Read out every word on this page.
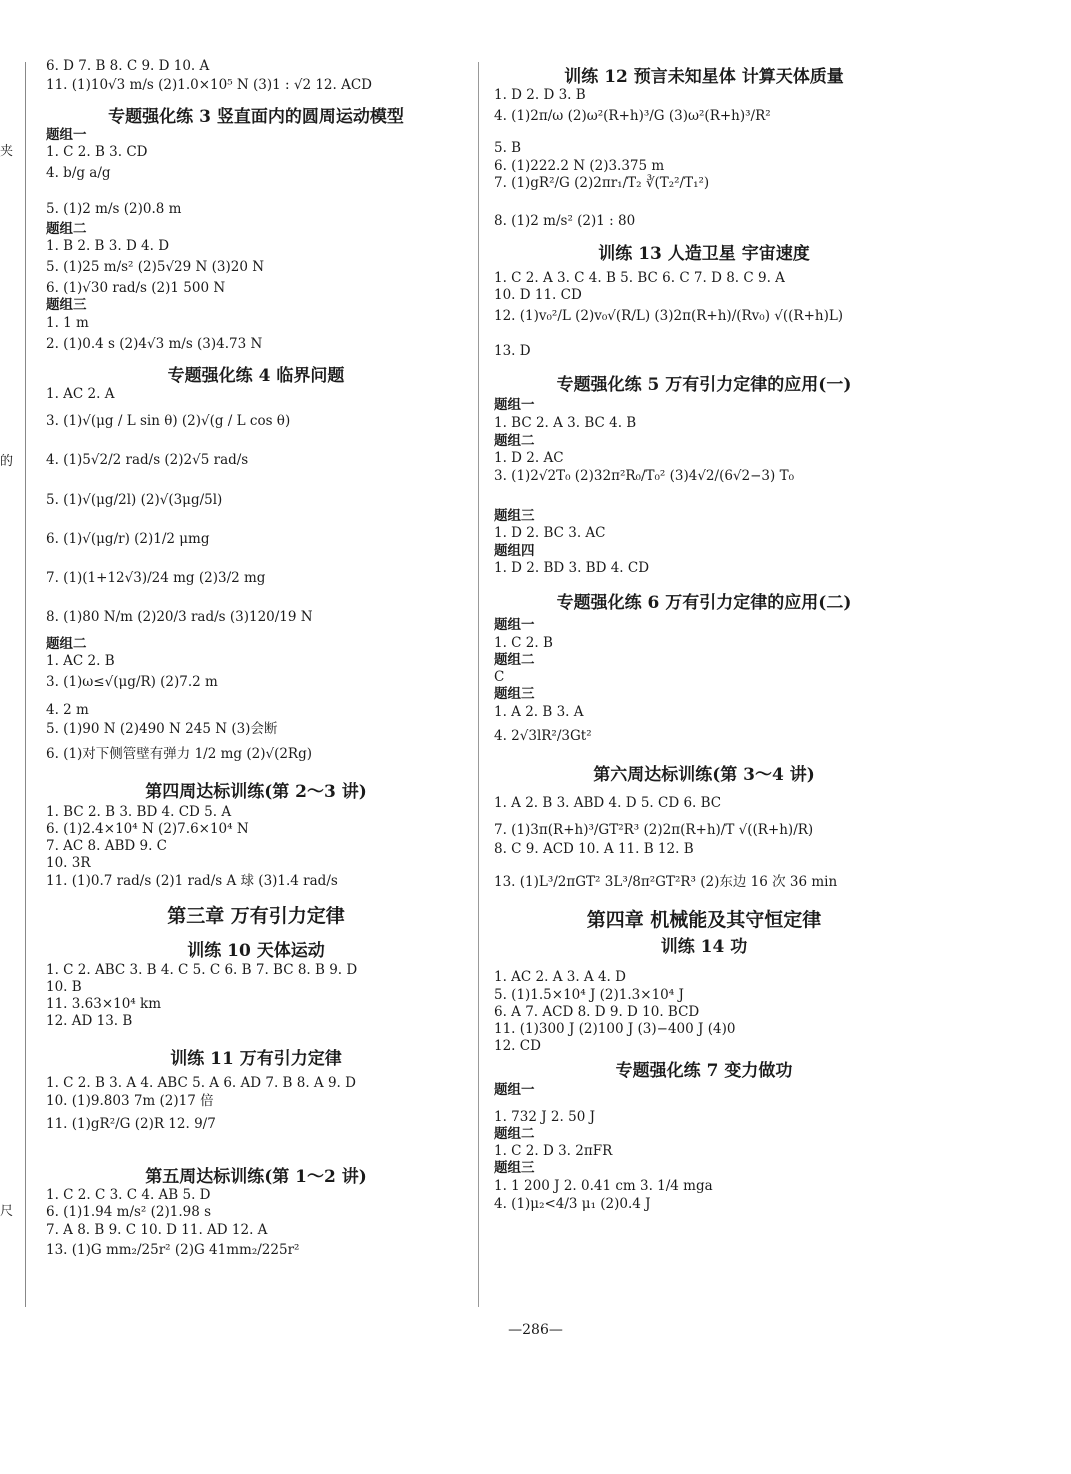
夹
的
尺
6. D 7. B 8. C 9. D 10. A
11. (1)10√3 m/s (2)1.0×10⁵ N (3)1 : √2 12. ACD
专题强化练 3 竖直面内的圆周运动模型
题组一
1. C 2. B 3. CD
4. b/g a/g
5. (1)2 m/s (2)0.8 m
题组二
1. B 2. B 3. D 4. D
5. (1)25 m/s² (2)5√29 N (3)20 N
6. (1)√30 rad/s (2)1 500 N
题组三
1. 1 m
2. (1)0.4 s (2)4√3 m/s (3)4.73 N
专题强化练 4 临界问题
1. AC 2. A
3. (1)√(μg / L sin θ) (2)√(g / L cos θ)
4. (1)5√2/2 rad/s (2)2√5 rad/s
5. (1)√(μg/2l) (2)√(3μg/5l)
6. (1)√(μg/r) (2)1/2 μmg
7. (1)(1+12√3)/24 mg (2)3/2 mg
8. (1)80 N/m (2)20/3 rad/s (3)120/19 N
题组二
1. AC 2. B
3. (1)ω≤√(μg/R) (2)7.2 m
4. 2 m
5. (1)90 N (2)490 N 245 N (3)会断
6. (1)对下侧管壁有弹力 1/2 mg (2)√(2Rg)
第四周达标训练(第 2～3 讲)
1. BC 2. B 3. BD 4. CD 5. A
6. (1)2.4×10⁴ N (2)7.6×10⁴ N
7. AC 8. ABD 9. C
10. 3R
11. (1)0.7 rad/s (2)1 rad/s A 球 (3)1.4 rad/s
第三章 万有引力定律
训练 10 天体运动
1. C 2. ABC 3. B 4. C 5. C 6. B 7. BC 8. B 9. D
10. B
11. 3.63×10⁴ km
12. AD 13. B
训练 11 万有引力定律
1. C 2. B 3. A 4. ABC 5. A 6. AD 7. B 8. A 9. D
10. (1)9.803 7m (2)17 倍
11. (1)gR²/G (2)R 12. 9/7
第五周达标训练(第 1～2 讲)
1. C 2. C 3. C 4. AB 5. D
6. (1)1.94 m/s² (2)1.98 s
7. A 8. B 9. C 10. D 11. AD 12. A
13. (1)G mm₂/25r² (2)G 41mm₂/225r²
训练 12 预言未知星体 计算天体质量
1. D 2. D 3. B
4. (1)2π/ω (2)ω²(R+h)³/G (3)ω²(R+h)³/R²
5. B
6. (1)222.2 N (2)3.375 m
7. (1)gR²/G (2)2πr₁/T₂ ∛(T₂²/T₁²)
8. (1)2 m/s² (2)1 : 80
训练 13 人造卫星 宇宙速度
1. C 2. A 3. C 4. B 5. BC 6. C 7. D 8. C 9. A
10. D 11. CD
12. (1)v₀²/L (2)v₀√(R/L) (3)2π(R+h)/(Rv₀) √((R+h)L)
13. D
专题强化练 5 万有引力定律的应用(一)
题组一
1. BC 2. A 3. BC 4. B
题组二
1. D 2. AC
3. (1)2√2T₀ (2)32π²R₀/T₀² (3)4√2/(6√2−3) T₀
题组三
1. D 2. BC 3. AC
题组四
1. D 2. BD 3. BD 4. CD
专题强化练 6 万有引力定律的应用(二)
题组一
1. C 2. B
题组二
C
题组三
1. A 2. B 3. A
4. 2√3lR²/3Gt²
第六周达标训练(第 3～4 讲)
1. A 2. B 3. ABD 4. D 5. CD 6. BC
7. (1)3π(R+h)³/GT²R³ (2)2π(R+h)/T √((R+h)/R)
8. C 9. ACD 10. A 11. B 12. B
13. (1)L³/2πGT² 3L³/8π²GT²R³ (2)东边 16 次 36 min
第四章 机械能及其守恒定律
训练 14 功
1. AC 2. A 3. A 4. D
5. (1)1.5×10⁴ J (2)1.3×10⁴ J
6. A 7. ACD 8. D 9. D 10. BCD
11. (1)300 J (2)100 J (3)−400 J (4)0
12. CD
专题强化练 7 变力做功
题组一
1. 732 J 2. 50 J
题组二
1. C 2. D 3. 2πFR
题组三
1. 1 200 J 2. 0.41 cm 3. 1/4 mga
4. (1)μ₂<4/3 μ₁ (2)0.4 J
—286—
